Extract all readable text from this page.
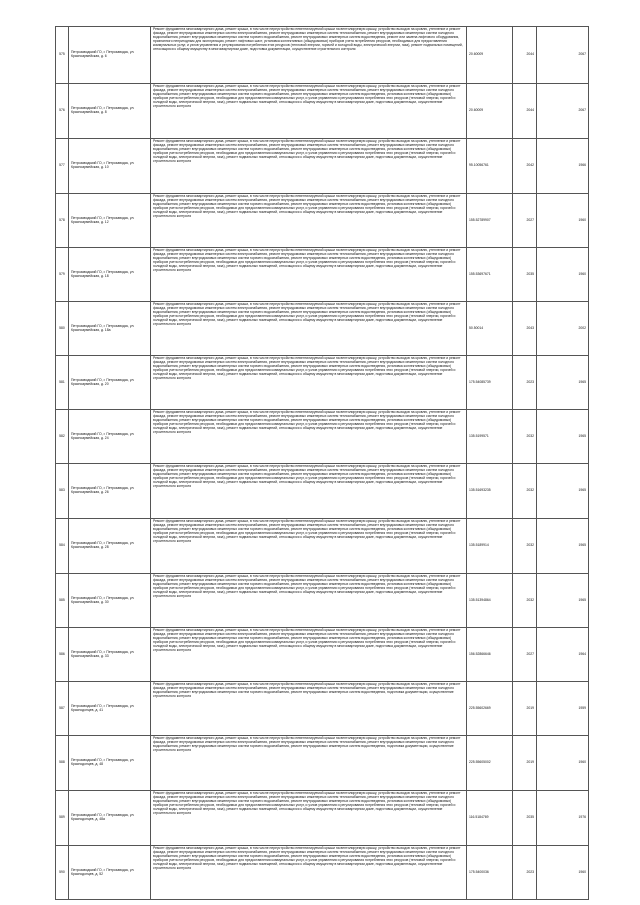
575	Петрозаводский ГО, г. Петрозаводск, ул. Красноармейская, д. 6	Ремонт фундамента многоквартирного дома, ремонт крыши, в том числе переустройство невентилируемой крыши на вентилируемую крышу, устройство выходов на кровлю, утепление и ремонт фасада, ремонт внутридомовых инженерных систем электроснабжения, ремонт внутридомовых инженерных систем теплоснабжения, ремонт внутридомовых инженерных систем холодного водоснабжения, ремонт внутридомовых инженерных систем горячего водоснабжения, ремонт внутридомовых инженерных систем водоотведения, ремонт или замена лифтового оборудования, признанного непригодным для эксплуатации, ремонт лифтовых шахт, установка коллективных (общедомовых) приборов учета потребления ресурсов, необходимых для предоставления коммунальных услуг, и узлов управления и регулирования потребления этих ресурсов (тепловой энергии, горячей и холодной воды, электрической энергии, газа), ремонт подвальных помещений, относящихся к общему имуществу в многоквартирном доме, подготовка документации, осуществление строительного контроля	20.60009	2044	2067
576	Петрозаводский ГО, г. Петрозаводск, ул. Красноармейская, д. 8	Ремонт фундамента многоквартирного дома, ремонт крыши, в том числе переустройство невентилируемой крыши на вентилируемую крышу, устройство выходов на кровлю, утепление и ремонт фасада, ремонт внутридомовых инженерных систем электроснабжения, ремонт внутридомовых инженерных систем теплоснабжения, ремонт внутридомовых инженерных систем холодного водоснабжения, ремонт внутридомовых инженерных систем горячего водоснабжения, ремонт внутридомовых инженерных систем водоотведения, установка коллективных (общедомовых) приборов учета потребления ресурсов, необходимых для предоставления коммунальных услуг, и узлов управления и регулирования потребления этих ресурсов (тепловой энергии, горячей и холодной воды, электрической энергии, газа), ремонт подвальных помещений, относящихся к общему имуществу в многоквартирном доме, подготовка документации, осуществление строительного контроля	20.60009	2044	2067
577	Петрозаводский ГО, г. Петрозаводск, ул. Красноармейская, д. 10	Ремонт фундамента многоквартирного дома, ремонт крыши, в том числе переустройство невентилируемой крыши на вентилируемую крышу, устройство выходов на кровлю, утепление и ремонт фасада, ремонт внутридомовых инженерных систем электроснабжения, ремонт внутридомовых инженерных систем теплоснабжения, ремонт внутридомовых инженерных систем холодного водоснабжения, ремонт внутридомовых инженерных систем горячего водоснабжения, ремонт внутридомовых инженерных систем водоотведения, установка коллективных (общедомовых) приборов учета потребления ресурсов, необходимых для предоставления коммунальных услуг, и узлов управления и регулирования потребления этих ресурсов (тепловой энергии, горячей и холодной воды, электрической энергии, газа), ремонт подвальных помещений, относящихся к общему имуществу в многоквартирном доме, подготовка документации, осуществление строительного контроля	95.10056761	2042	1966
578	Петрозаводский ГО, г. Петрозаводск, ул. Красноармейская, д. 12	Ремонт фундамента многоквартирного дома, ремонт крыши, в том числе переустройство невентилируемой крыши на вентилируемую крышу, устройство выходов на кровлю, утепление и ремонт фасада, ремонт внутридомовых инженерных систем электроснабжения, ремонт внутридомовых инженерных систем теплоснабжения, ремонт внутридомовых инженерных систем холодного водоснабжения, ремонт внутридомовых инженерных систем горячего водоснабжения, ремонт внутридомовых инженерных систем водоотведения, установка коллективных (общедомовых) приборов учета потребления ресурсов, необходимых для предоставления коммунальных услуг, и узлов управления и регулирования потребления этих ресурсов (тепловой энергии, горячей и холодной воды, электрической энергии, газа), ремонт подвальных помещений, относящихся к общему имуществу в многоквартирном доме, подготовка документации, осуществление строительного контроля	155.52789907	2027	1960
579	Петрозаводский ГО, г. Петрозаводск, ул. Красноармейская, д. 18	Ремонт фундамента многоквартирного дома, ремонт крыши, в том числе переустройство невентилируемой крыши на вентилируемую крышу, устройство выходов на кровлю, утепление и ремонт фасада, ремонт внутридомовых инженерных систем электроснабжения, ремонт внутридомовых инженерных систем теплоснабжения, ремонт внутридомовых инженерных систем холодного водоснабжения, ремонт внутридомовых инженерных систем горячего водоснабжения, ремонт внутридомовых инженерных систем водоотведения, установка коллективных (общедомовых) приборов учета потребления ресурсов, необходимых для предоставления коммунальных услуг, и узлов управления и регулирования потребления этих ресурсов (тепловой энергии, горячей и холодной воды, электрической энергии, газа), ремонт подвальных помещений, относящихся к общему имуществу в многоквартирном доме, подготовка документации, осуществление строительного контроля	155.53697671	2035	1960
580	Петрозаводский ГО, г. Петрозаводск, ул. Красноармейская, д. 18а	Ремонт фундамента многоквартирного дома, ремонт крыши, в том числе переустройство невентилируемой крыши на вентилируемую крышу, устройство выходов на кровлю, утепление и ремонт фасада, ремонт внутридомовых инженерных систем электроснабжения, ремонт внутридомовых инженерных систем теплоснабжения, ремонт внутридомовых инженерных систем холодного водоснабжения, ремонт внутридомовых инженерных систем горячего водоснабжения, ремонт внутридомовых инженерных систем водоотведения, установка коллективных (общедомовых) приборов учета потребления ресурсов, необходимых для предоставления коммунальных услуг, и узлов управления и регулирования потребления этих ресурсов (тепловой энергии, горячей и холодной воды, электрической энергии, газа), ремонт подвальных помещений, относящихся к общему имуществу в многоквартирном доме, подготовка документации, осуществление строительного контроля	50.50014	2043	2002
581	Петрозаводский ГО, г. Петрозаводск, ул. Красноармейская, д. 20	Ремонт фундамента многоквартирного дома, ремонт крыши, в том числе переустройство невентилируемой крыши на вентилируемую крышу, устройство выходов на кровлю, утепление и ремонт фасада, ремонт внутридомовых инженерных систем электроснабжения, ремонт внутридомовых инженерных систем теплоснабжения, ремонт внутридомовых инженерных систем холодного водоснабжения, ремонт внутридомовых инженерных систем горячего водоснабжения, ремонт внутридомовых инженерных систем водоотведения, установка коллективных (общедомовых) приборов учета потребления ресурсов, необходимых для предоставления коммунальных услуг, и узлов управления и регулирования потребления этих ресурсов (тепловой энергии, горячей и холодной воды, электрической энергии, газа), ремонт подвальных помещений, относящихся к общему имуществу в многоквартирном доме, подготовка документации, осуществление строительного контроля	175.54085739	2023	1965
582	Петрозаводский ГО, г. Петрозаводск, ул. Красноармейская, д. 24	Ремонт фундамента многоквартирного дома, ремонт крыши, в том числе переустройство невентилируемой крыши на вентилируемую крышу, устройство выходов на кровлю, утепление и ремонт фасада, ремонт внутридомовых инженерных систем электроснабжения, ремонт внутридомовых инженерных систем теплоснабжения, ремонт внутридомовых инженерных систем холодного водоснабжения, ремонт внутридомовых инженерных систем горячего водоснабжения, ремонт внутридомовых инженерных систем водоотведения, установка коллективных (общедомовых) приборов учета потребления ресурсов, необходимых для предоставления коммунальных услуг, и узлов управления и регулирования потребления этих ресурсов (тепловой энергии, горячей и холодной воды, электрической энергии, газа), ремонт подвальных помещений, относящихся к общему имуществу в многоквартирном доме, подготовка документации, осуществление строительного контроля	135.5199571	2032	1965
583	Петрозаводский ГО, г. Петрозаводск, ул. Красноармейская, д. 26	Ремонт фундамента многоквартирного дома, ремонт крыши, в том числе переустройство невентилируемой крыши на вентилируемую крышу, устройство выходов на кровлю, утепление и ремонт фасада, ремонт внутридомовых инженерных систем электроснабжения, ремонт внутридомовых инженерных систем теплоснабжения, ремонт внутридомовых инженерных систем холодного водоснабжения, ремонт внутридомовых инженерных систем горячего водоснабжения, ремонт внутридомовых инженерных систем водоотведения, установка коллективных (общедомовых) приборов учета потребления ресурсов, необходимых для предоставления коммунальных услуг, и узлов управления и регулирования потребления этих ресурсов (тепловой энергии, горячей и холодной воды, электрической энергии, газа), ремонт подвальных помещений, относящихся к общему имуществу в многоквартирном доме, подготовка документации, осуществление строительного контроля	135.51693235	2032	1965
584	Петрозаводский ГО, г. Петрозаводск, ул. Красноармейская, д. 28	Ремонт фундамента многоквартирного дома, ремонт крыши, в том числе переустройство невентилируемой крыши на вентилируемую крышу, устройство выходов на кровлю, утепление и ремонт фасада, ремонт внутридомовых инженерных систем электроснабжения, ремонт внутридомовых инженерных систем теплоснабжения, ремонт внутридомовых инженерных систем холодного водоснабжения, ремонт внутридомовых инженерных систем горячего водоснабжения, ремонт внутридомовых инженерных систем водоотведения, установка коллективных (общедомовых) приборов учета потребления ресурсов, необходимых для предоставления коммунальных услуг, и узлов управления и регулирования потребления этих ресурсов (тепловой энергии, горячей и холодной воды, электрической энергии, газа), ремонт подвальных помещений, относящихся к общему имуществу в многоквартирном доме, подготовка документации, осуществление строительного контроля	135.5189914	2032	1965
585	Петрозаводский ГО, г. Петрозаводск, ул. Красноармейская, д. 30	Ремонт фундамента многоквартирного дома, ремонт крыши, в том числе переустройство невентилируемой крыши на вентилируемую крышу, устройство выходов на кровлю, утепление и ремонт фасада, ремонт внутридомовых инженерных систем электроснабжения, ремонт внутридомовых инженерных систем теплоснабжения, ремонт внутридомовых инженерных систем холодного водоснабжения, ремонт внутридомовых инженерных систем горячего водоснабжения, ремонт внутридомовых инженерных систем водоотведения, установка коллективных (общедомовых) приборов учета потребления ресурсов, необходимых для предоставления коммунальных услуг, и узлов управления и регулирования потребления этих ресурсов (тепловой энергии, горячей и холодной воды, электрической энергии, газа), ремонт подвальных помещений, относящихся к общему имуществу в многоквартирном доме, подготовка документации, осуществление строительного контроля	135.51394864	2032	1965
586	Петрозаводский ГО, г. Петрозаводск, ул. Красноармейская, д. 33	Ремонт фундамента многоквартирного дома, ремонт крыши, в том числе переустройство невентилируемой крыши на вентилируемую крышу, устройство выходов на кровлю, утепление и ремонт фасада, ремонт внутридомовых инженерных систем электроснабжения, ремонт внутридомовых инженерных систем теплоснабжения, ремонт внутридомовых инженерных систем холодного водоснабжения, ремонт внутридомовых инженерных систем горячего водоснабжения, ремонт внутридомовых инженерных систем водоотведения, установка коллективных (общедомовых) приборов учета потребления ресурсов, необходимых для предоставления коммунальных услуг, и узлов управления и регулирования потребления этих ресурсов (тепловой энергии, горячей и холодной воды, электрической энергии, газа), ремонт подвальных помещений, относящихся к общему имуществу в многоквартирном доме, подготовка документации, осуществление строительного контроля	156.52866646	2027	1964
587	Петрозаводский ГО, г. Петрозаводск, ул. Краснодонцев, д. 41	Ремонт фундамента многоквартирного дома, ремонт крыши, в том числе переустройство невентилируемой крыши на вентилируемую крышу, устройство выходов на кровлю, утепление и ремонт фасада, ремонт внутридомовых инженерных систем электроснабжения, ремонт внутридомовых инженерных систем теплоснабжения, ремонт внутридомовых инженерных систем холодного водоснабжения, ремонт внутридомовых инженерных систем горячего водоснабжения, ремонт внутридомовых инженерных систем водоотведения, подготовка документации, осуществление строительного контроля	225.55602669	2019	1959
588	Петрозаводский ГО, г. Петрозаводск, ул. Краснодонцев, д. 48	Ремонт фундамента многоквартирного дома, ремонт крыши, в том числе переустройство невентилируемой крыши на вентилируемую крышу, устройство выходов на кровлю, утепление и ремонт фасада, ремонт внутридомовых инженерных систем электроснабжения, ремонт внутридомовых инженерных систем теплоснабжения, ремонт внутридомовых инженерных систем холодного водоснабжения, ремонт внутридомовых инженерных систем горячего водоснабжения, ремонт внутридомовых инженерных систем водоотведения, подготовка документации, осуществление строительного контроля	225.55605002	2019	1960
589	Петрозаводский ГО, г. Петрозаводск, ул. Краснодонцев, д. 48а	Ремонт фундамента многоквартирного дома, ремонт крыши, в том числе переустройство невентилируемой крыши на вентилируемую крышу, устройство выходов на кровлю, утепление и ремонт фасада, ремонт внутридомовых инженерных систем электроснабжения, ремонт внутридомовых инженерных систем теплоснабжения, ремонт внутридомовых инженерных систем холодного водоснабжения, ремонт внутридомовых инженерных систем горячего водоснабжения, ремонт внутридомовых инженерных систем водоотведения, установка коллективных (общедомовых) приборов учета потребления ресурсов, необходимых для предоставления коммунальных услуг, и узлов управления и регулирования потребления этих ресурсов (тепловой энергии, горячей и холодной воды, электрической энергии, газа), ремонт подвальных помещений, относящихся к общему имуществу в многоквартирном доме, подготовка документации, осуществление строительного контроля	116.5184769	2035	1976
590	Петрозаводский ГО, г. Петрозаводск, ул. Краснодонцев, д. 52	Ремонт фундамента многоквартирного дома, ремонт крыши, в том числе переустройство невентилируемой крыши на вентилируемую крышу, устройство выходов на кровлю, утепление и ремонт фасада, ремонт внутридомовых инженерных систем электроснабжения, ремонт внутридомовых инженерных систем теплоснабжения, ремонт внутридомовых инженерных систем холодного водоснабжения, ремонт внутридомовых инженерных систем горячего водоснабжения, ремонт внутридомовых инженерных систем водоотведения, установка коллективных (общедомовых) приборов учета потребления ресурсов, необходимых для предоставления коммунальных услуг, и узлов управления и регулирования потребления этих ресурсов (тепловой энергии, горячей и холодной воды, электрической энергии, газа), ремонт подвальных помещений, относящихся к общему имуществу в многоквартирном доме, подготовка документации, осуществление строительного контроля	175.5400036	2023	1960
